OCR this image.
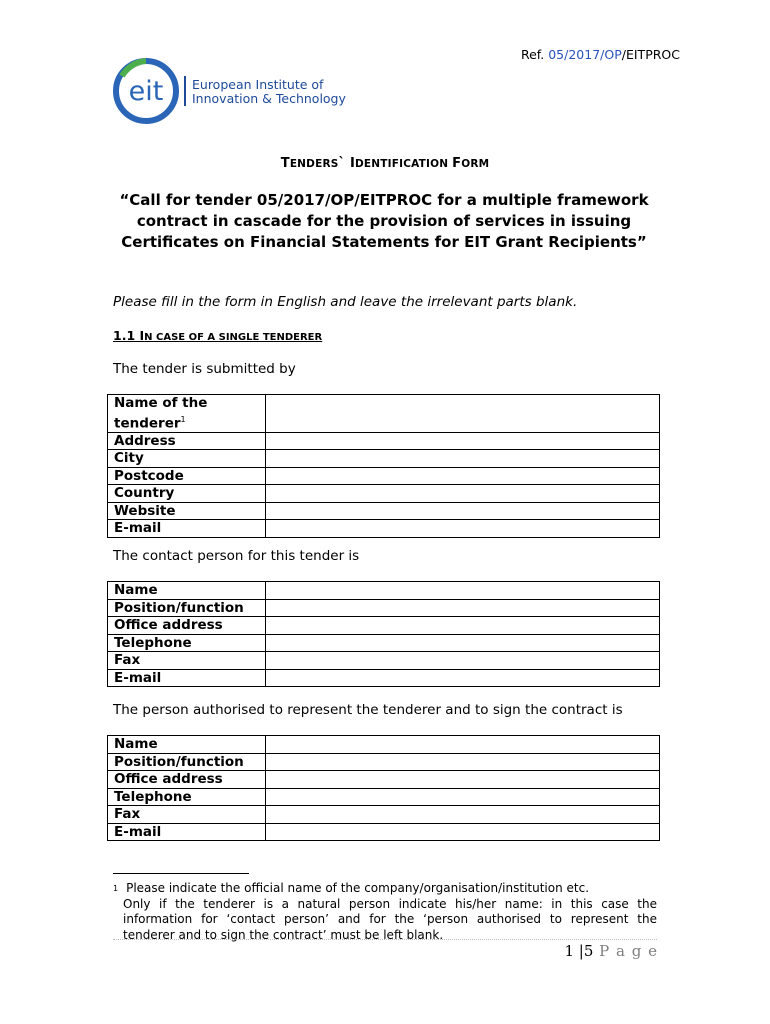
Ref. 05/2017/OP/EITPROC
eit European Institute of
Innovation & Technology
TENDERS` IDENTIFICATION FORM
“Call for tender 05/2017/OP/EITPROC for a multiple framework contract in cascade for the provision of services in issuing Certificates on Financial Statements for EIT Grant Recipients”
Please fill in the form in English and leave the irrelevant parts blank.
1.1 IN CASE OF A SINGLE TENDERER
The tender is submitted by
Name of the tenderer$^1$	
Address	
City	
Postcode	
Country	
Website	
E-mail	
The contact person for this tender is
Name	
Position/function	
Office address	
Telephone	
Fax	
E-mail	
The person authorised to represent the tenderer and to sign the contract is
Name	
Position/function	
Office address	
Telephone	
Fax	
E-mail	
$^1$ Please indicate the official name of the company/organisation/institution etc.
Only if the tenderer is a natural person indicate his/her name: in this case the information for ‘contact person’ and for the ‘person authorised to represent the tenderer and to sign the contract’ must be left blank.
1 |5 P a g e
